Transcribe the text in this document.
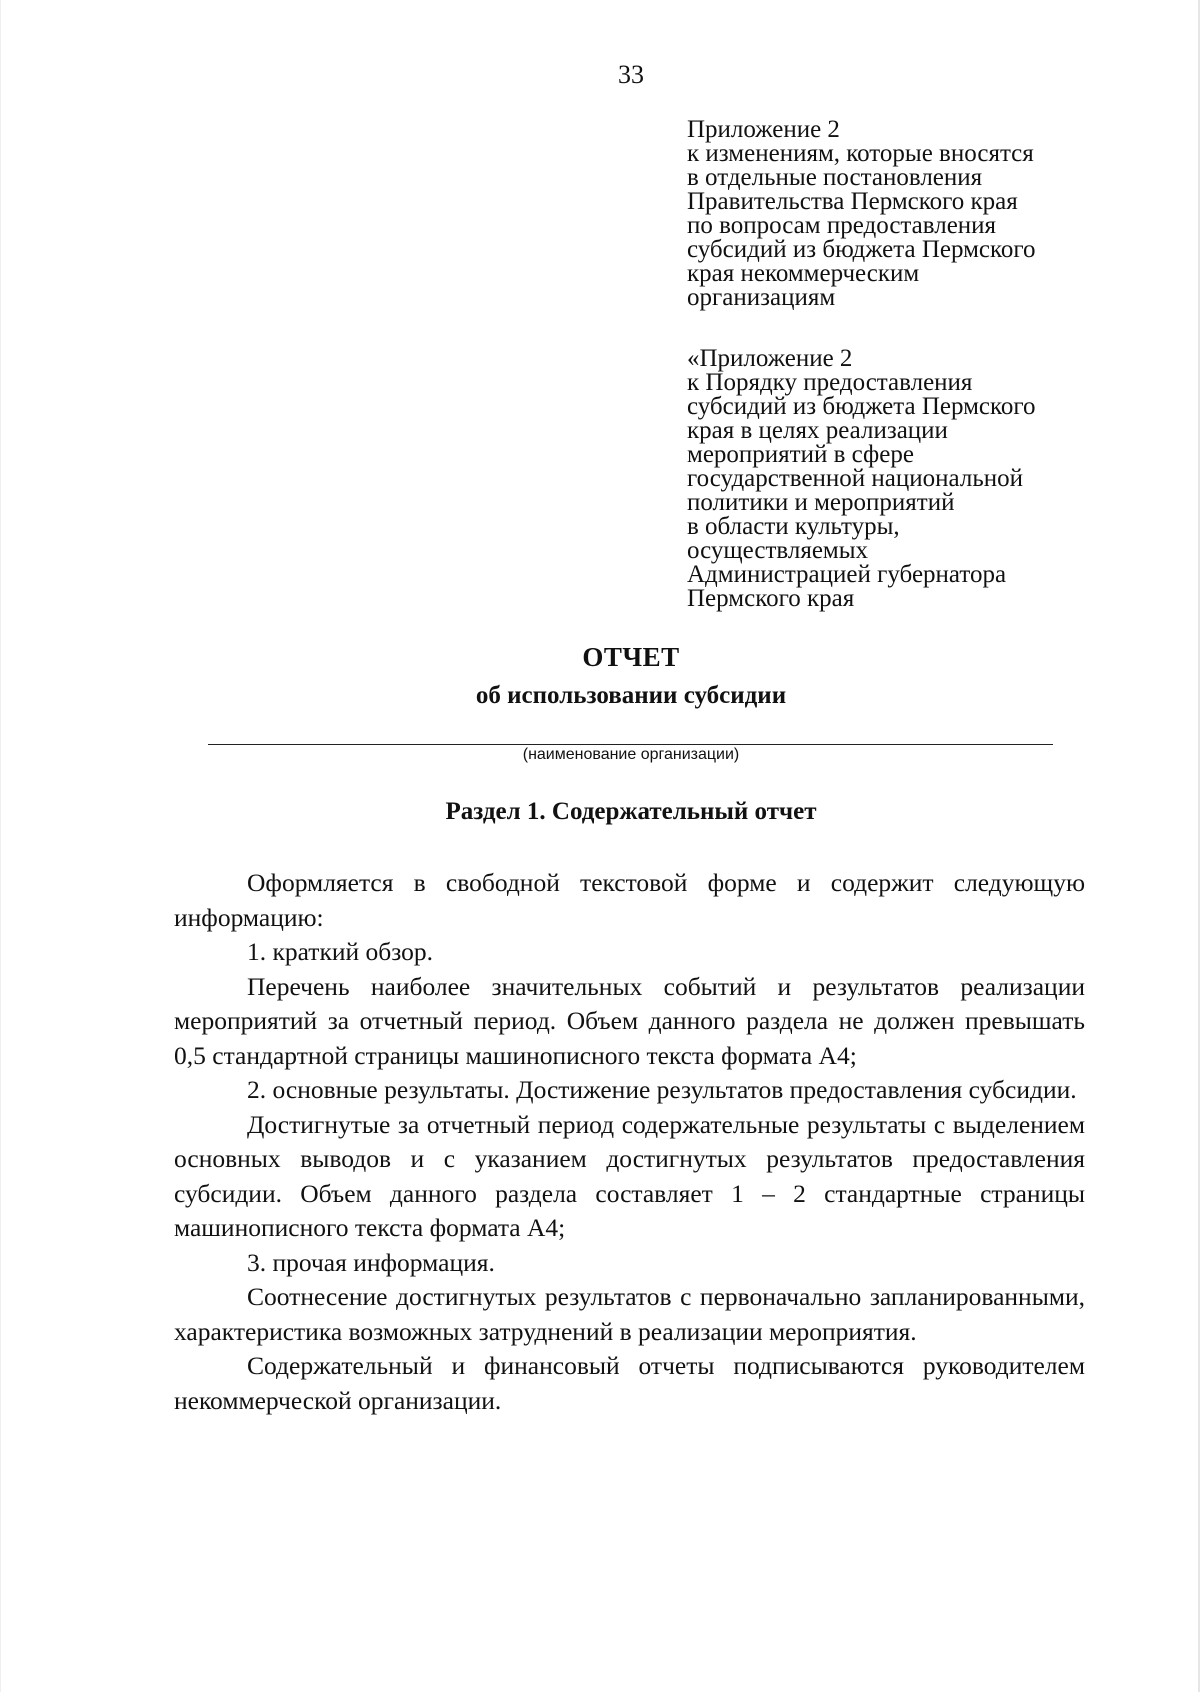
33
Приложение 2
к изменениям, которые вносятся
в отдельные постановления
Правительства Пермского края
по вопросам предоставления
субсидий из бюджета Пермского
края некоммерческим
организациям
«Приложение 2
к Порядку предоставления
субсидий из бюджета Пермского
края в целях реализации
мероприятий в сфере
государственной национальной
политики и мероприятий
в области культуры,
осуществляемых
Администрацией губернатора
Пермского края
ОТЧЕТ
об использовании субсидии
(наименование организации)
Раздел 1. Содержательный отчет

Оформляется в свободной текстовой форме и содержит следующую информацию:

1. краткий обзор.

Перечень наиболее значительных событий и результатов реализации мероприятий за отчетный период. Объем данного раздела не должен превышать 0,5 стандартной страницы машинописного текста формата А4;

2. основные результаты. Достижение результатов предоставления субсидии.

Достигнутые за отчетный период содержательные результаты с выделением основных выводов и с указанием достигнутых результатов предоставления субсидии. Объем данного раздела составляет 1 – 2 стандартные страницы машинописного текста формата А4;

3. прочая информация.

Соотнесение достигнутых результатов с первоначально запланированными, характеристика возможных затруднений в реализации мероприятия.

Содержательный и финансовый отчеты подписываются руководителем некоммерческой организации.
